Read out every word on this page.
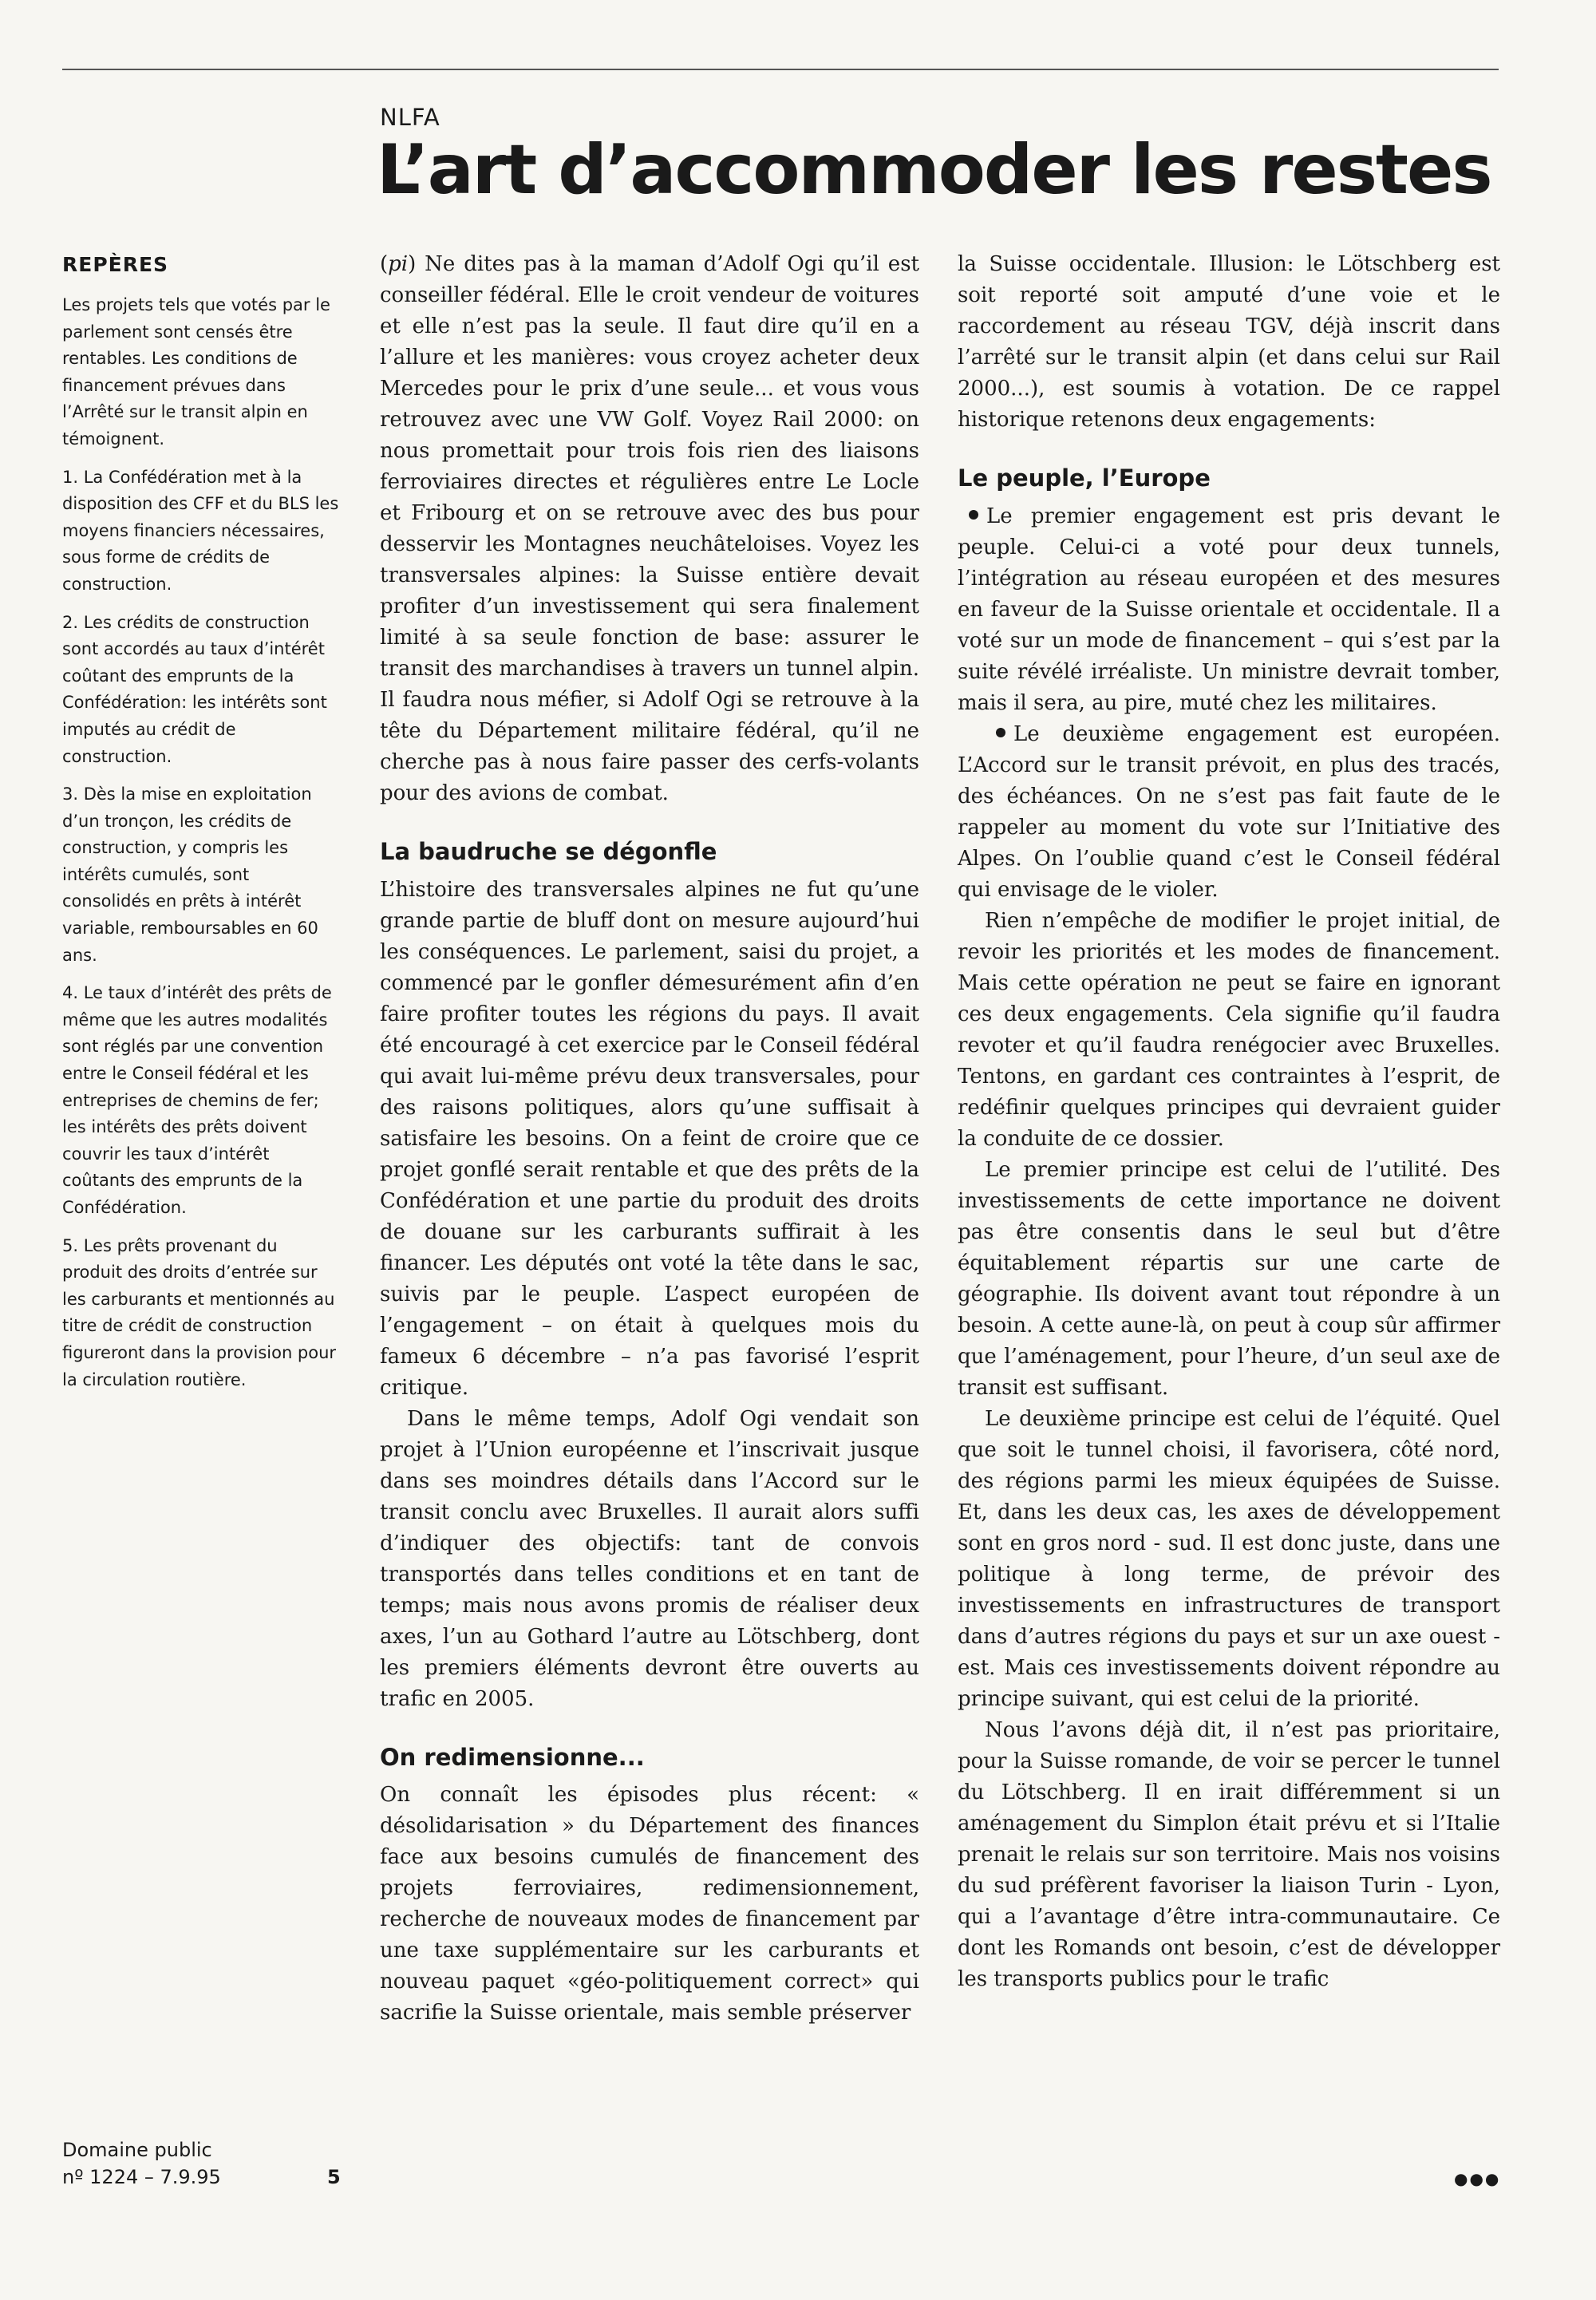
NLFA
L’art d’accommoder les restes
REPÈRES

Les projets tels que votés par le parlement sont censés être rentables. Les conditions de financement prévues dans l’Arrêté sur le transit alpin en témoignent.

1. La Confédération met à la disposition des CFF et du BLS les moyens financiers nécessaires, sous forme de crédits de construction.

2. Les crédits de construction sont accordés au taux d’intérêt coûtant des emprunts de la Confédération: les intérêts sont imputés au crédit de construction.

3. Dès la mise en exploitation d’un tronçon, les crédits de construction, y compris les intérêts cumulés, sont consolidés en prêts à intérêt variable, remboursables en 60 ans.

4. Le taux d’intérêt des prêts de même que les autres modalités sont réglés par une convention entre le Conseil fédéral et les entreprises de chemins de fer; les intérêts des prêts doivent couvrir les taux d’intérêt coûtants des emprunts de la Confédération.

5. Les prêts provenant du produit des droits d’entrée sur les carburants et mentionnés au titre de crédit de construction figureront dans la provision pour la circulation routière.

Domaine public
nº 1224 – 7.9.95	5

(pi) Ne dites pas à la maman d’Adolf Ogi qu’il est conseiller fédéral. Elle le croit vendeur de voitures et elle n’est pas la seule. Il faut dire qu’il en a l’allure et les manières: vous croyez acheter deux Mercedes pour le prix d’une seule... et vous vous retrouvez avec une VW Golf. Voyez Rail 2000: on nous promettait pour trois fois rien des liaisons ferroviaires directes et régulières entre Le Locle et Fribourg et on se retrouve avec des bus pour desservir les Montagnes neuchâteloises. Voyez les transversales alpines: la Suisse entière devait profiter d’un investissement qui sera finalement limité à sa seule fonction de base: assurer le transit des marchandises à travers un tunnel alpin. Il faudra nous méfier, si Adolf Ogi se retrouve à la tête du Département militaire fédéral, qu’il ne cherche pas à nous faire passer des cerfs-volants pour des avions de combat.

La baudruche se dégonfle

L’histoire des transversales alpines ne fut qu’une grande partie de bluff dont on mesure aujourd’hui les conséquences. Le parlement, saisi du projet, a commencé par le gonfler démesurément afin d’en faire profiter toutes les régions du pays. Il avait été encouragé à cet exercice par le Conseil fédéral qui avait lui-même prévu deux transversales, pour des raisons politiques, alors qu’une suffisait à satisfaire les besoins. On a feint de croire que ce projet gonflé serait rentable et que des prêts de la Confédération et une partie du produit des droits de douane sur les carburants suffirait à les financer. Les députés ont voté la tête dans le sac, suivis par le peuple. L’aspect européen de l’engagement – on était à quelques mois du fameux 6 décembre – n’a pas favorisé l’esprit critique.

Dans le même temps, Adolf Ogi vendait son projet à l’Union européenne et l’inscrivait jusque dans ses moindres détails dans l’Accord sur le transit conclu avec Bruxelles. Il aurait alors suffi d’indiquer des objectifs: tant de convois transportés dans telles conditions et en tant de temps; mais nous avons promis de réaliser deux axes, l’un au Gothard l’autre au Lötschberg, dont les premiers éléments devront être ouverts au trafic en 2005.

On redimensionne...

On connaît les épisodes plus récent: « désolidarisation » du Département des finances face aux besoins cumulés de financement des projets ferroviaires, redimensionnement, recherche de nouveaux modes de financement par une taxe supplémentaire sur les carburants et nouveau paquet «géo-politiquement correct» qui sacrifie la Suisse orientale, mais semble préserver

la Suisse occidentale. Illusion: le Lötschberg est soit reporté soit amputé d’une voie et le raccordement au réseau TGV, déjà inscrit dans l’arrêté sur le transit alpin (et dans celui sur Rail 2000...), est soumis à votation. De ce rappel historique retenons deux engagements:

Le peuple, l’Europe

Le premier engagement est pris devant le peuple. Celui-ci a voté pour deux tunnels, l’intégration au réseau européen et des mesures en faveur de la Suisse orientale et occidentale. Il a voté sur un mode de financement – qui s’est par la suite révélé irréaliste. Un ministre devrait tomber, mais il sera, au pire, muté chez les militaires.

Le deuxième engagement est européen. L’Accord sur le transit prévoit, en plus des tracés, des échéances. On ne s’est pas fait faute de le rappeler au moment du vote sur l’Initiative des Alpes. On l’oublie quand c’est le Conseil fédéral qui envisage de le violer.

Rien n’empêche de modifier le projet initial, de revoir les priorités et les modes de financement. Mais cette opération ne peut se faire en ignorant ces deux engagements. Cela signifie qu’il faudra revoter et qu’il faudra renégocier avec Bruxelles. Tentons, en gardant ces contraintes à l’esprit, de redéfinir quelques principes qui devraient guider la conduite de ce dossier.

Le premier principe est celui de l’utilité. Des investissements de cette importance ne doivent pas être consentis dans le seul but d’être équitablement répartis sur une carte de géographie. Ils doivent avant tout répondre à un besoin. A cette aune-là, on peut à coup sûr affirmer que l’aménagement, pour l’heure, d’un seul axe de transit est suffisant.

Le deuxième principe est celui de l’équité. Quel que soit le tunnel choisi, il favorisera, côté nord, des régions parmi les mieux équipées de Suisse. Et, dans les deux cas, les axes de développement sont en gros nord - sud. Il est donc juste, dans une politique à long terme, de prévoir des investissements en infrastructures de transport dans d’autres régions du pays et sur un axe ouest - est. Mais ces investissements doivent répondre au principe suivant, qui est celui de la priorité.

Nous l’avons déjà dit, il n’est pas prioritaire, pour la Suisse romande, de voir se percer le tunnel du Lötschberg. Il en irait différemment si un aménagement du Simplon était prévu et si l’Italie prenait le relais sur son territoire. Mais nos voisins du sud préfèrent favoriser la liaison Turin - Lyon, qui a l’avantage d’être intra-communautaire. Ce dont les Romands ont besoin, c’est de développer les transports publics pour le trafic

●●●
